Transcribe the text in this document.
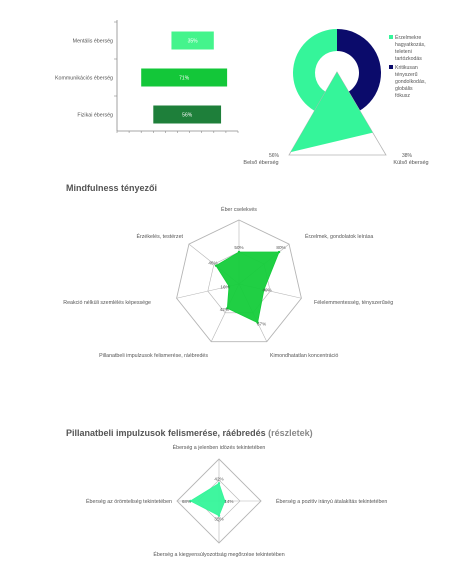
Mentális éberség	35%
Kommunikációs éberség	71%
Fizikai éberség	56%
Érzelmekre
hagyatkozás,
teleteni
tartózkodás
Kritikusan
tényszerű
gondolkodás,
globális
fókusz
56%	38%
Belső éberség	Külső éberség
50%	80%
40%
67%
42%
16%
46%
Éber cselekvés
Érzelmek, gondolatok leírása
Félelemmentesség, tényszerűség
Kimondhatatlan koncentráció
Pillanatbeli impulzusok felismerése, ráébredés
Reakció nélküli szemlélés képessége
Érzékelés, testérzet
42%
14%
35%
68%
Éberség a jelenben idözés tekintetében
Éberség a pozitív irányú átalakítás tekintetében
Éberség a kiegyensúlyozottság megőrzése tekintetében
Éberség az örömteliség tekintetében
Mindfulness tényezői
Pillanatbeli impulzusok felismerése, ráébredés (részletek)
